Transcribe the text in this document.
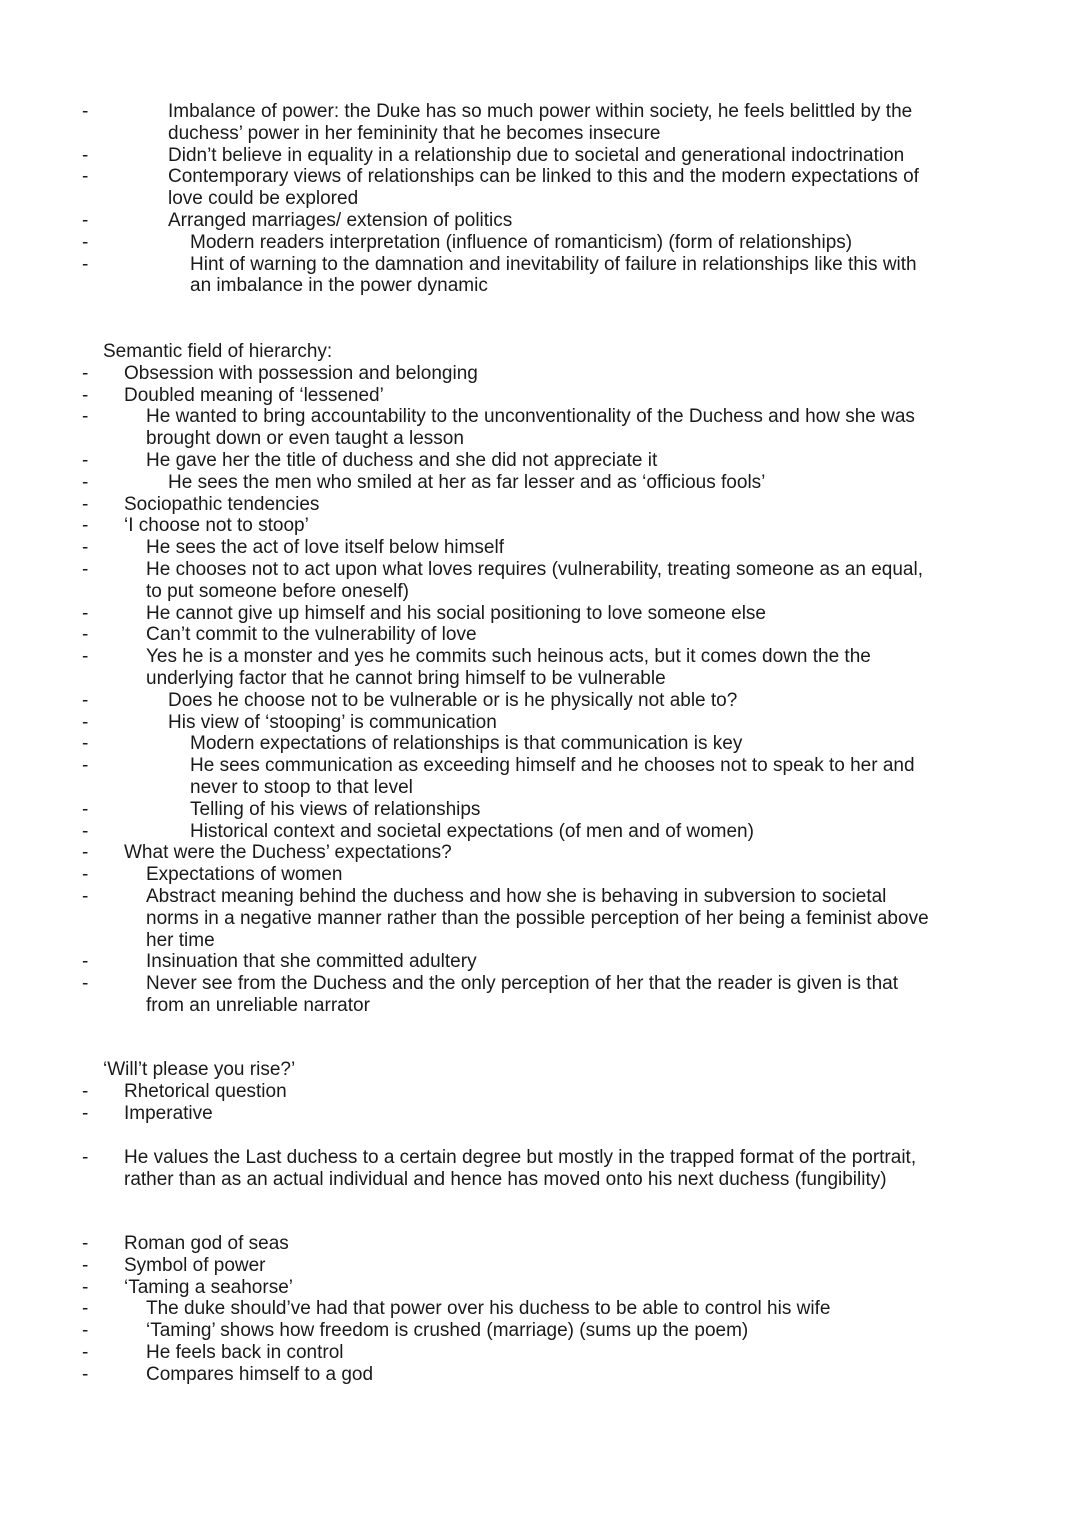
- Imbalance of power: the Duke has so much power within society, he feels belittled by the
duchess’ power in her femininity that he becomes insecure
- Didn’t believe in equality in a relationship due to societal and generational indoctrination
- Contemporary views of relationships can be linked to this and the modern expectations of
love could be explored
- Arranged marriages/ extension of politics
- Modern readers interpretation (influence of romanticism) (form of relationships)
- Hint of warning to the damnation and inevitability of failure in relationships like this with
an imbalance in the power dynamic
Semantic field of hierarchy:
- Obsession with possession and belonging
- Doubled meaning of ‘lessened’
- He wanted to bring accountability to the unconventionality of the Duchess and how she was
brought down or even taught a lesson
- He gave her the title of duchess and she did not appreciate it
- He sees the men who smiled at her as far lesser and as ‘officious fools’
- Sociopathic tendencies
- ‘I choose not to stoop’
- He sees the act of love itself below himself
- He chooses not to act upon what loves requires (vulnerability, treating someone as an equal,
to put someone before oneself)
- He cannot give up himself and his social positioning to love someone else
- Can’t commit to the vulnerability of love
- Yes he is a monster and yes he commits such heinous acts, but it comes down the the
underlying factor that he cannot bring himself to be vulnerable
- Does he choose not to be vulnerable or is he physically not able to?
- His view of ‘stooping’ is communication
- Modern expectations of relationships is that communication is key
- He sees communication as exceeding himself and he chooses not to speak to her and
never to stoop to that level
- Telling of his views of relationships
- Historical context and societal expectations (of men and of women)
- What were the Duchess’ expectations?
- Expectations of women
- Abstract meaning behind the duchess and how she is behaving in subversion to societal
norms in a negative manner rather than the possible perception of her being a feminist above
her time
- Insinuation that she committed adultery
- Never see from the Duchess and the only perception of her that the reader is given is that
from an unreliable narrator
‘Will’t please you rise?’
- Rhetorical question
- Imperative
- He values the Last duchess to a certain degree but mostly in the trapped format of the portrait,
rather than as an actual individual and hence has moved onto his next duchess (fungibility)
- Roman god of seas
- Symbol of power
- ‘Taming a seahorse’
- The duke should’ve had that power over his duchess to be able to control his wife
- ‘Taming’ shows how freedom is crushed (marriage) (sums up the poem)
- He feels back in control
- Compares himself to a god
